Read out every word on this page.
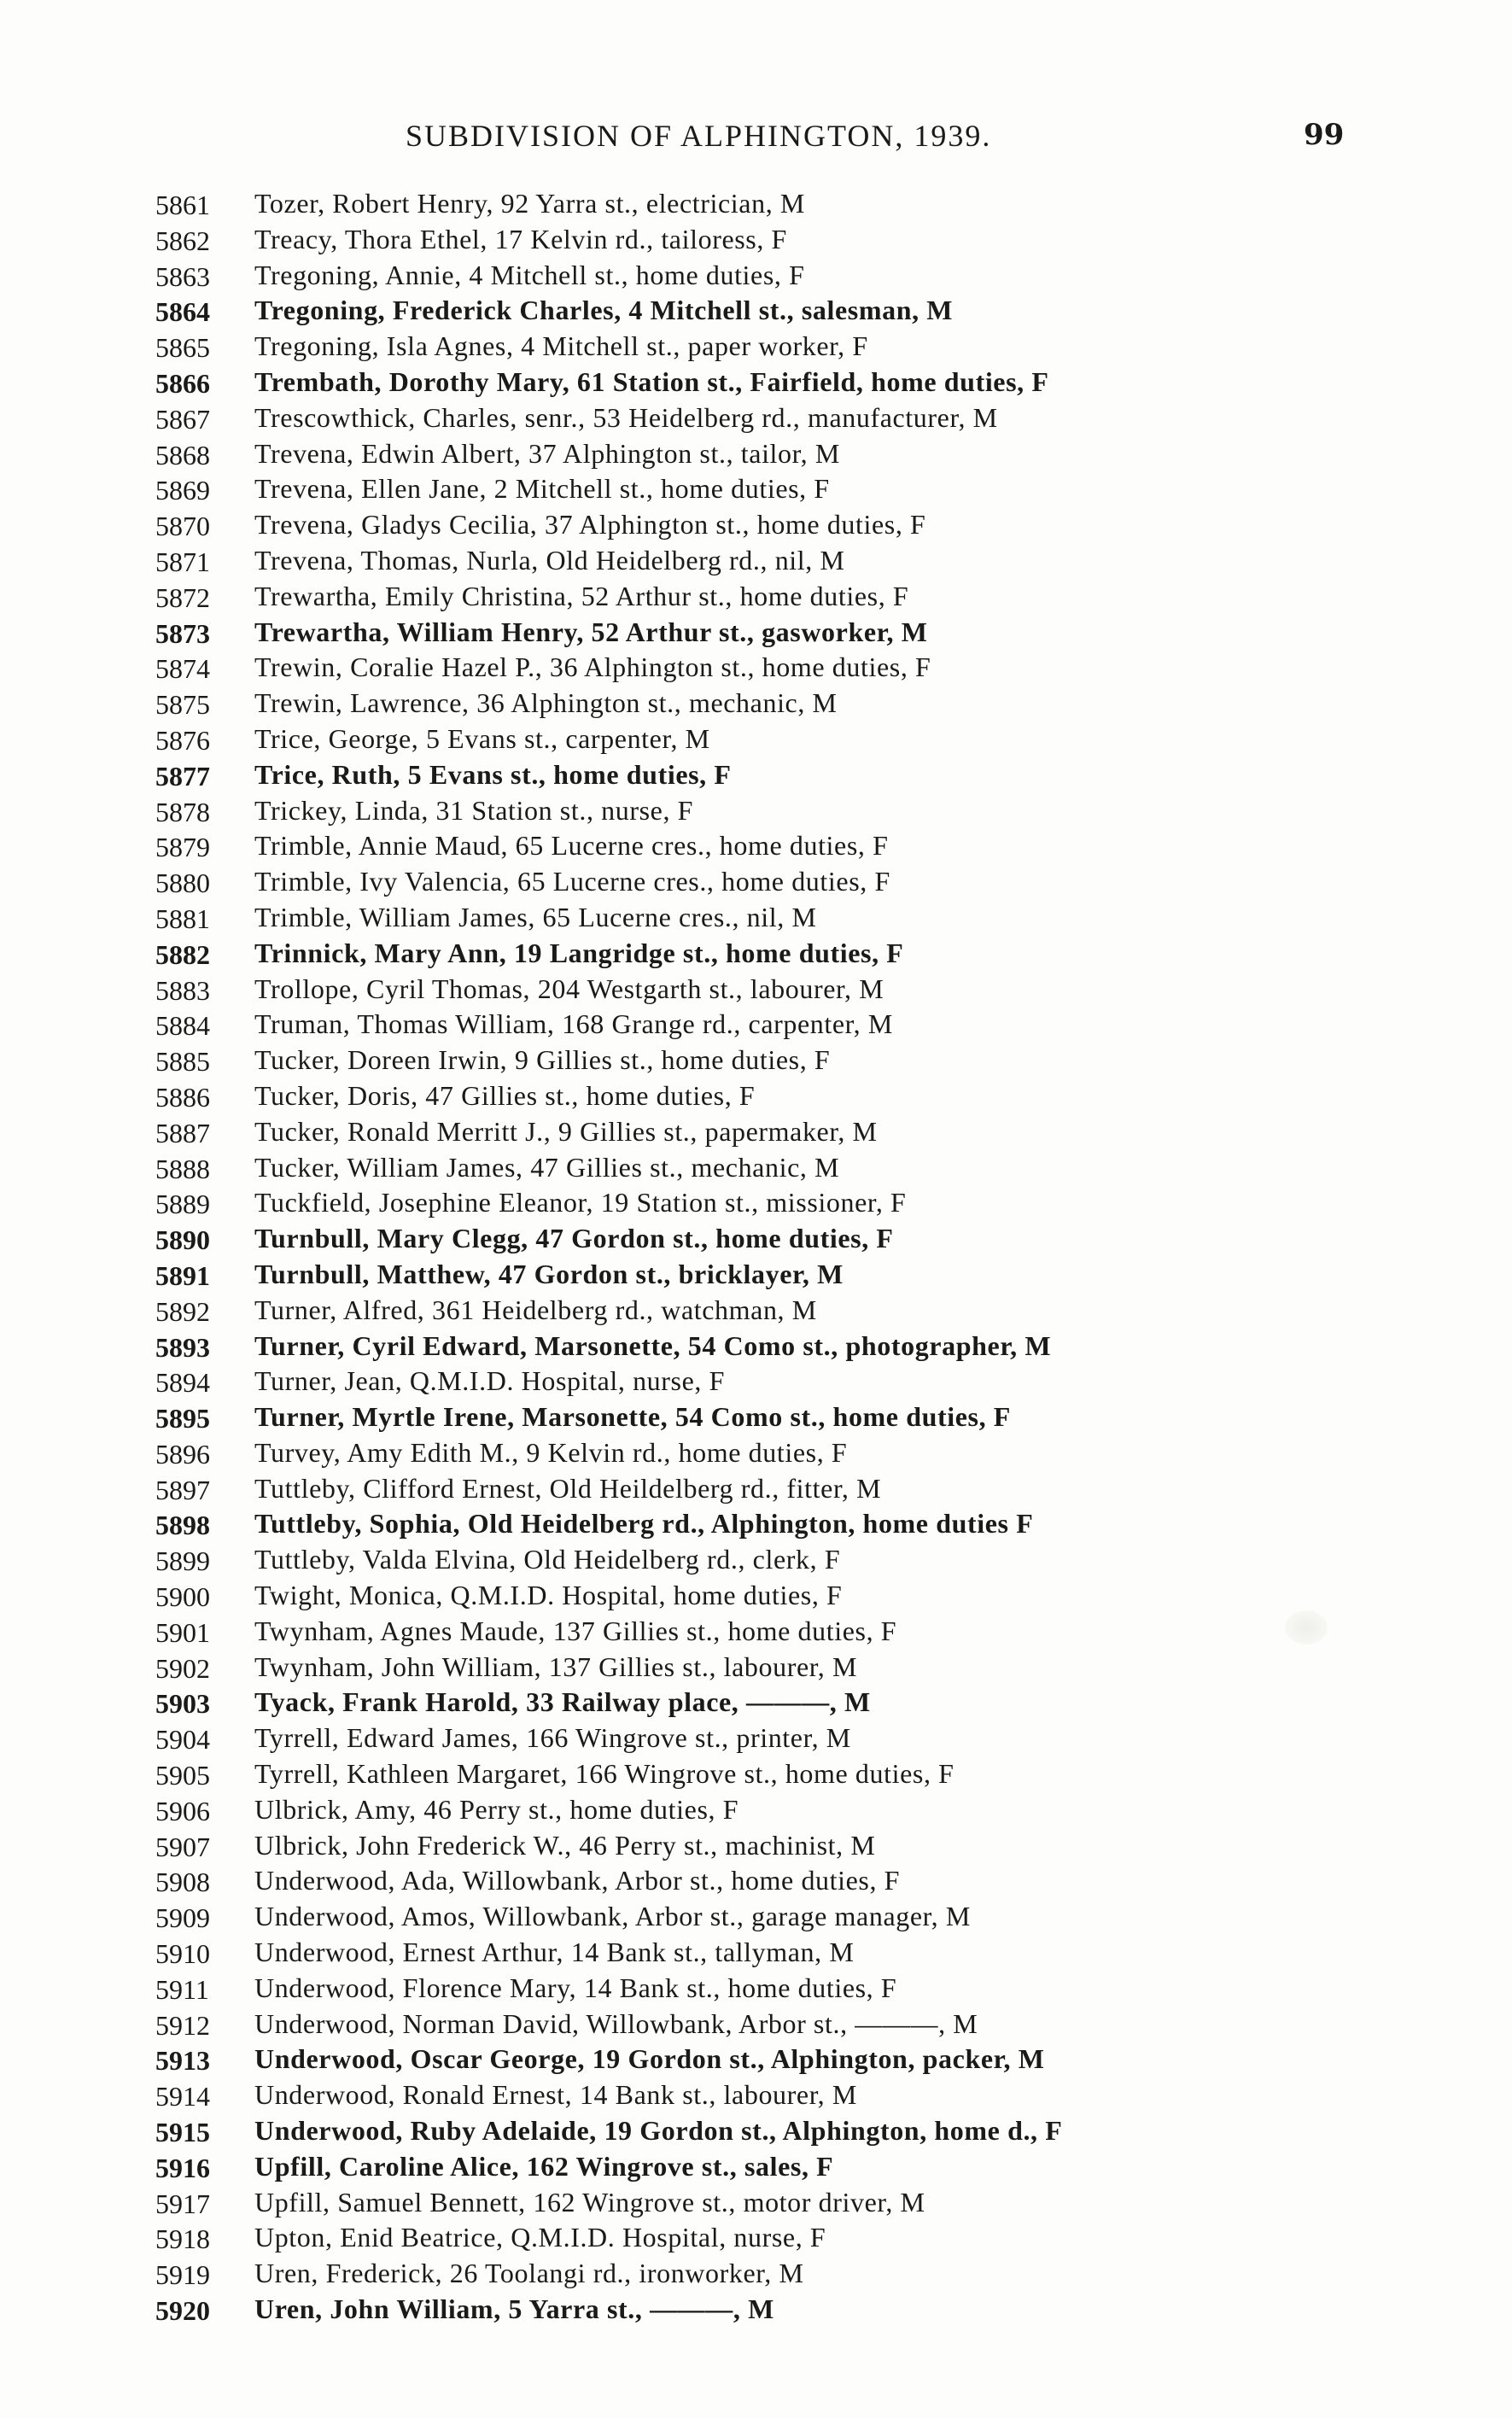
SUBDIVISION OF ALPHINGTON, 1939.	99
5861 Tozer, Robert Henry, 92 Yarra st., electrician, M
5862 Treacy, Thora Ethel, 17 Kelvin rd., tailoress, F
5863 Tregoning, Annie, 4 Mitchell st., home duties, F
5864 Tregoning, Frederick Charles, 4 Mitchell st., salesman, M
5865 Tregoning, Isla Agnes, 4 Mitchell st., paper worker, F
5866 Trembath, Dorothy Mary, 61 Station st., Fairfield, home duties, F
5867 Trescowthick, Charles, senr., 53 Heidelberg rd., manufacturer, M
5868 Trevena, Edwin Albert, 37 Alphington st., tailor, M
5869 Trevena, Ellen Jane, 2 Mitchell st., home duties, F
5870 Trevena, Gladys Cecilia, 37 Alphington st., home duties, F
5871 Trevena, Thomas, Nurla, Old Heidelberg rd., nil, M
5872 Trewartha, Emily Christina, 52 Arthur st., home duties, F
5873 Trewartha, William Henry, 52 Arthur st., gasworker, M
5874 Trewin, Coralie Hazel P., 36 Alphington st., home duties, F
5875 Trewin, Lawrence, 36 Alphington st., mechanic, M
5876 Trice, George, 5 Evans st., carpenter, M
5877 Trice, Ruth, 5 Evans st., home duties, F
5878 Trickey, Linda, 31 Station st., nurse, F
5879 Trimble, Annie Maud, 65 Lucerne cres., home duties, F
5880 Trimble, Ivy Valencia, 65 Lucerne cres., home duties, F
5881 Trimble, William James, 65 Lucerne cres., nil, M
5882 Trinnick, Mary Ann, 19 Langridge st., home duties, F
5883 Trollope, Cyril Thomas, 204 Westgarth st., labourer, M
5884 Truman, Thomas William, 168 Grange rd., carpenter, M
5885 Tucker, Doreen Irwin, 9 Gillies st., home duties, F
5886 Tucker, Doris, 47 Gillies st., home duties, F
5887 Tucker, Ronald Merritt J., 9 Gillies st., papermaker, M
5888 Tucker, William James, 47 Gillies st., mechanic, M
5889 Tuckfield, Josephine Eleanor, 19 Station st., missioner, F
5890 Turnbull, Mary Clegg, 47 Gordon st., home duties, F
5891 Turnbull, Matthew, 47 Gordon st., bricklayer, M
5892 Turner, Alfred, 361 Heidelberg rd., watchman, M
5893 Turner, Cyril Edward, Marsonette, 54 Como st., photographer, M
5894 Turner, Jean, Q.M.I.D. Hospital, nurse, F
5895 Turner, Myrtle Irene, Marsonette, 54 Como st., home duties, F
5896 Turvey, Amy Edith M., 9 Kelvin rd., home duties, F
5897 Tuttleby, Clifford Ernest, Old Heildelberg rd., fitter, M
5898 Tuttleby, Sophia, Old Heidelberg rd., Alphington, home duties F
5899 Tuttleby, Valda Elvina, Old Heidelberg rd., clerk, F
5900 Twight, Monica, Q.M.I.D. Hospital, home duties, F
5901 Twynham, Agnes Maude, 137 Gillies st., home duties, F
5902 Twynham, John William, 137 Gillies st., labourer, M
5903 Tyack, Frank Harold, 33 Railway place, ———, M
5904 Tyrrell, Edward James, 166 Wingrove st., printer, M
5905 Tyrrell, Kathleen Margaret, 166 Wingrove st., home duties, F
5906 Ulbrick, Amy, 46 Perry st., home duties, F
5907 Ulbrick, John Frederick W., 46 Perry st., machinist, M
5908 Underwood, Ada, Willowbank, Arbor st., home duties, F
5909 Underwood, Amos, Willowbank, Arbor st., garage manager, M
5910 Underwood, Ernest Arthur, 14 Bank st., tallyman, M
5911 Underwood, Florence Mary, 14 Bank st., home duties, F
5912 Underwood, Norman David, Willowbank, Arbor st., ———, M
5913 Underwood, Oscar George, 19 Gordon st., Alphington, packer, M
5914 Underwood, Ronald Ernest, 14 Bank st., labourer, M
5915 Underwood, Ruby Adelaide, 19 Gordon st., Alphington, home d., F
5916 Upfill, Caroline Alice, 162 Wingrove st., sales, F
5917 Upfill, Samuel Bennett, 162 Wingrove st., motor driver, M
5918 Upton, Enid Beatrice, Q.M.I.D. Hospital, nurse, F
5919 Uren, Frederick, 26 Toolangi rd., ironworker, M
5920 Uren, John William, 5 Yarra st., ———, M
